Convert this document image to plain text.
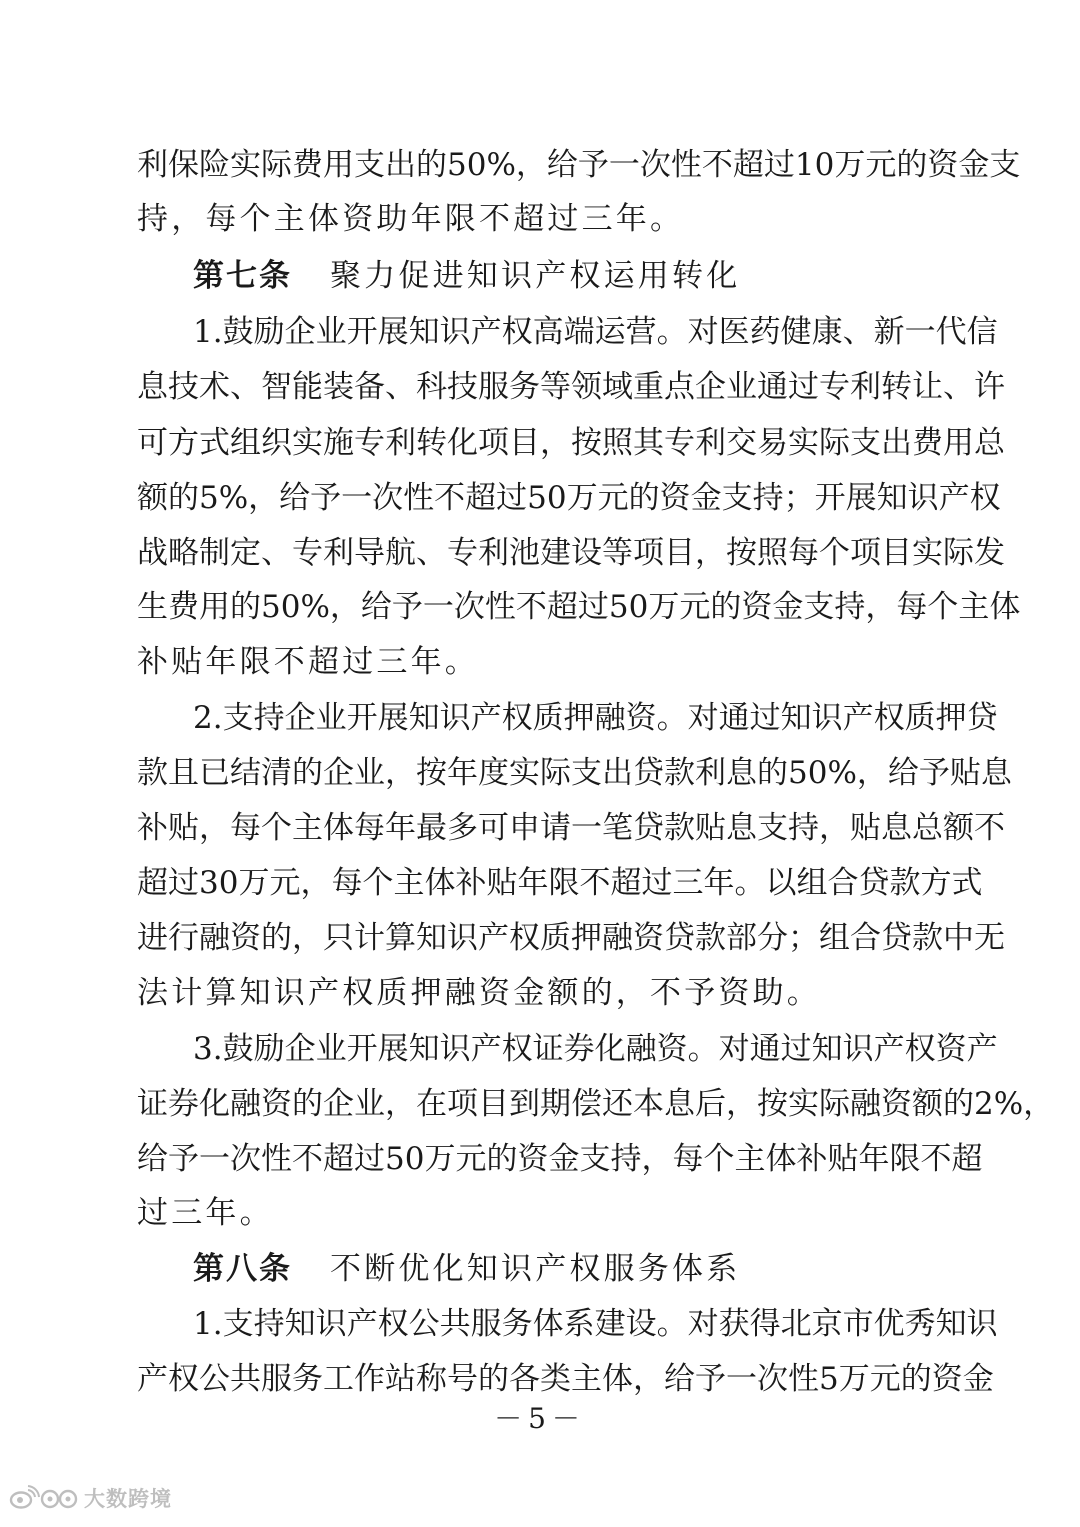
利保险实际费用支出的50%，给予一次性不超过10万元的资金支
持，每个主体资助年限不超过三年。
第七条 聚力促进知识产权运用转化
1.鼓励企业开展知识产权高端运营。对医药健康、新一代信
息技术、智能装备、科技服务等领域重点企业通过专利转让、许
可方式组织实施专利转化项目，按照其专利交易实际支出费用总
额的5%，给予一次性不超过50万元的资金支持；开展知识产权
战略制定、专利导航、专利池建设等项目，按照每个项目实际发
生费用的50%，给予一次性不超过50万元的资金支持，每个主体
补贴年限不超过三年。
2.支持企业开展知识产权质押融资。对通过知识产权质押贷
款且已结清的企业，按年度实际支出贷款利息的50%，给予贴息
补贴，每个主体每年最多可申请一笔贷款贴息支持，贴息总额不
超过30万元，每个主体补贴年限不超过三年。以组合贷款方式
进行融资的，只计算知识产权质押融资贷款部分；组合贷款中无
法计算知识产权质押融资金额的，不予资助。
3.鼓励企业开展知识产权证券化融资。对通过知识产权资产
证券化融资的企业，在项目到期偿还本息后，按实际融资额的2%，
给予一次性不超过50万元的资金支持，每个主体补贴年限不超
过三年。
第八条 不断优化知识产权服务体系
1.支持知识产权公共服务体系建设。对获得北京市优秀知识
产权公共服务工作站称号的各类主体，给予一次性5万元的资金
－5－
大数跨境
